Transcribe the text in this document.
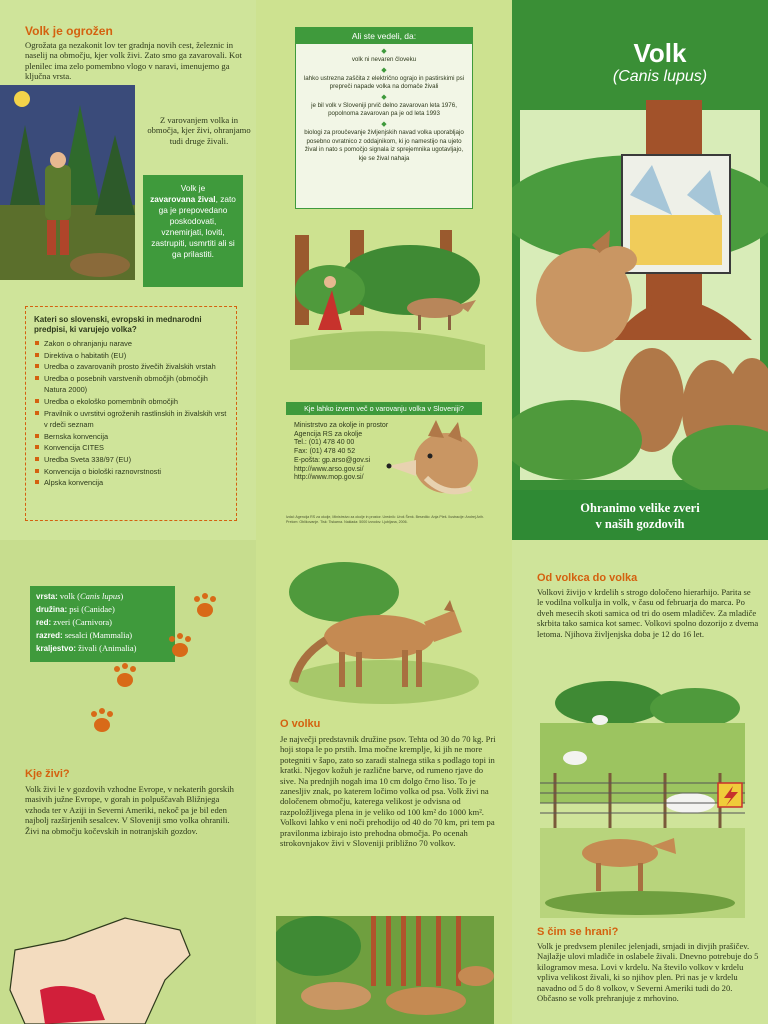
Volk je ogrožen
Ogrožata ga nezakonit lov ter gradnja novih cest, železnic in naselij na območju, kjer volk živi. Zato smo ga zavarovali. Kot plenilec ima zelo pomembno vlogo v naravi, imenujemo ga ključna vrsta.
Z varovanjem volka in območja, kjer živi, ohranjamo tudi druge živali.
Volk je
zavarovana žival, zato ga je prepovedano poskodovati, vznemirjati, loviti, zastrupiti, usmrtiti ali si ga prilastiti.
Kateri so slovenski, evropski in mednarodni predpisi, ki varujejo volka?
Zakon o ohranjanju narave
Direktiva o habitatih (EU)
Uredba o zavarovanih prosto živečih živalskih vrstah
Uredba o posebnih varstvenih območjih (območjih Natura 2000)
Uredba o ekološko pomembnih območjih
Pravilnik o uvrstitvi ogroženih rastlinskih in živalskih vrst v rdeči seznam
Bernska konvencija
Konvencija CITES
Uredba Sveta 338/97 (EU)
Konvencija o biološki raznovrstnosti
Alpska konvencija
Ali ste vedeli, da:
◆
volk ni nevaren človeku
◆
lahko ustrezna zaščita z električno ograjo in pastirskimi psi prepreči napade volka na domače živali
◆
je bil volk v Sloveniji prvič delno zavarovan leta 1976, popolnoma zavarovan pa je od leta 1993
◆
biologi za proučevanje življenjskih navad volka uporabljajo posebno ovratnico z oddajnikom, ki jo namestijo na ujeto žival in nato s pomočjo signala iz sprejemnika ugotavljajo, kje se žival nahaja
Kje lahko izvem več o varovanju volka v Sloveniji?
Ministrstvo za okolje in prostor
Agencija RS za okolje
Tel.: (01) 478 40 00
Fax: (01) 478 40 52
E-pošta: gp.arso@gov.si
http://www.arso.gov.si/
http://www.mop.gov.si/
Izdal: Agencija RS za okolje, Ministrstvo za okolje in prostor. Urednik: Uroš Šenk. Besedilo: Anja Pleš. Ilustracije: Andrej Arih. Prelom: Oblikovanje. Tisk: Tiskarna. Naklada: 5000 izvodov. Ljubljana, 2006.
Volk
(Canis lupus)
Ohranimo velike zveri
v naših gozdovih
vrsta: volk (Canis lupus)
družina: psi (Canidae)
red: zveri (Carnivora)
razred: sesalci (Mammalia)
kraljestvo: živali (Animalia)
Kje živi?
Volk živi le v gozdovih vzhodne Evrope, v nekaterih gorskih masivih južne Evrope, v gorah in polpuščavah Bližnjega vzhoda ter v Aziji in Severni Ameriki, nekoč pa je bil eden najbolj razširjenih sesalcev. V Sloveniji smo volka ohranili. Živi na območju kočevskih in notranjskih gozdov.
O volku
Je največji predstavnik družine psov. Tehta od 30 do 70 kg. Pri hoji stopa le po prstih. Ima močne kremplje, ki jih ne more potegniti v šapo, zato so zaradi stalnega stika s podlago topi in kratki. Njegov kožuh je različne barve, od rumeno rjave do sive. Na prednjih nogah ima 10 cm dolgo črno liso. To je zanesljiv znak, po katerem ločimo volka od psa. Volk živi na določenem območju, katerega velikost je odvisna od razpoložljivega plena in je veliko od 100 km² do 1000 km². Volkovi lahko v eni noči prehodijo od 40 do 70 km, pri tem pa pravilonma izbirajo isto prehodna območja. Po ocenah strokovnjakov živi v Sloveniji približno 70 volkov.
Od volkca do volka
Volkovi živijo v krdelih s strogo določeno hierarhijo. Parita se le vodilna volkulja in volk, v času od februarja do marca. Po dveh mesecih skoti samica od tri do osem mladičev. Za mladiče skrbita tako samica kot samec. Volkovi spolno dozorijo z dvema letoma. Njihova življenjska doba je 12 do 16 let.
S čim se hrani?
Volk je predvsem plenilec jelenjadi, srnjadi in divjih prašičev. Najlažje ulovi mladiče in oslabele živali. Dnevno potrebuje do 5 kilogramov mesa. Lovi v krdelu. Na število volkov v krdelu vpliva velikost živali, ki so njihov plen. Pri nas je v krdelu navadno od 5 do 8 volkov, v Severni Ameriki tudi do 20. Občasno se volk prehranjuje z mrhovino.
